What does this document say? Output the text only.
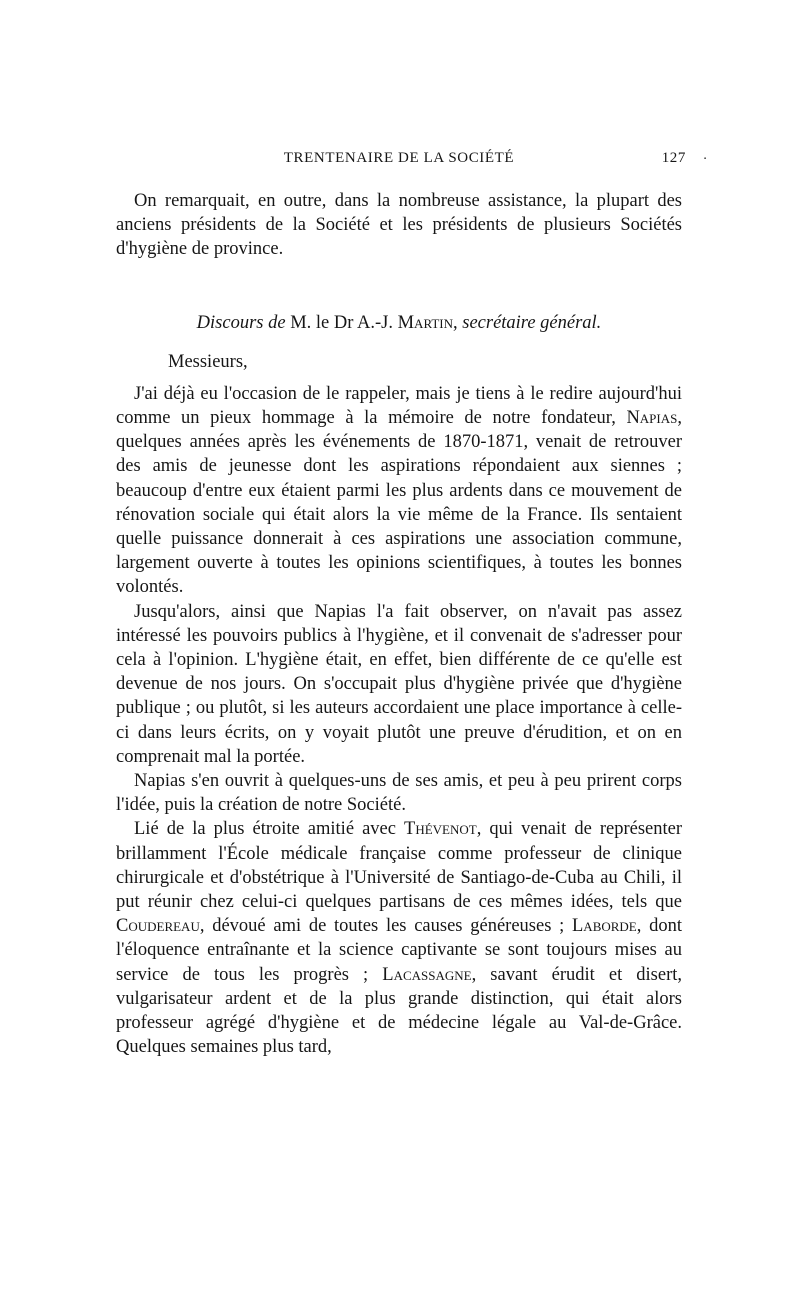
TRENTENAIRE DE LA SOCIÉTÉ	127 ·

On remarquait, en outre, dans la nombreuse assistance, la plupart des anciens présidents de la Société et les présidents de plusieurs Sociétés d'hygiène de province.

Discours de M. le Dr A.-J. Martin, secrétaire général.

Messieurs,

J'ai déjà eu l'occasion de le rappeler, mais je tiens à le redire aujourd'hui comme un pieux hommage à la mémoire de notre fondateur, Napias, quelques années après les événements de 1870-1871, venait de retrouver des amis de jeunesse dont les aspirations répondaient aux siennes ; beaucoup d'entre eux étaient parmi les plus ardents dans ce mouvement de rénovation sociale qui était alors la vie même de la France. Ils sentaient quelle puissance donnerait à ces aspirations une association commune, largement ouverte à toutes les opinions scientifiques, à toutes les bonnes volontés.

Jusqu'alors, ainsi que Napias l'a fait observer, on n'avait pas assez intéressé les pouvoirs publics à l'hygiène, et il convenait de s'adresser pour cela à l'opinion. L'hygiène était, en effet, bien différente de ce qu'elle est devenue de nos jours. On s'occupait plus d'hygiène privée que d'hygiène publique ; ou plutôt, si les auteurs accordaient une place importance à celle-ci dans leurs écrits, on y voyait plutôt une preuve d'érudition, et on en comprenait mal la portée.

Napias s'en ouvrit à quelques-uns de ses amis, et peu à peu prirent corps l'idée, puis la création de notre Société.

Lié de la plus étroite amitié avec Thévenot, qui venait de représenter brillamment l'École médicale française comme professeur de clinique chirurgicale et d'obstétrique à l'Université de Santiago-de-Cuba au Chili, il put réunir chez celui-ci quelques partisans de ces mêmes idées, tels que Coudereau, dévoué ami de toutes les causes généreuses ; Laborde, dont l'éloquence entraînante et la science captivante se sont toujours mises au service de tous les progrès ; Lacassagne, savant érudit et disert, vulgarisateur ardent et de la plus grande distinction, qui était alors professeur agrégé d'hygiène et de médecine légale au Val-de-Grâce. Quelques semaines plus tard,
